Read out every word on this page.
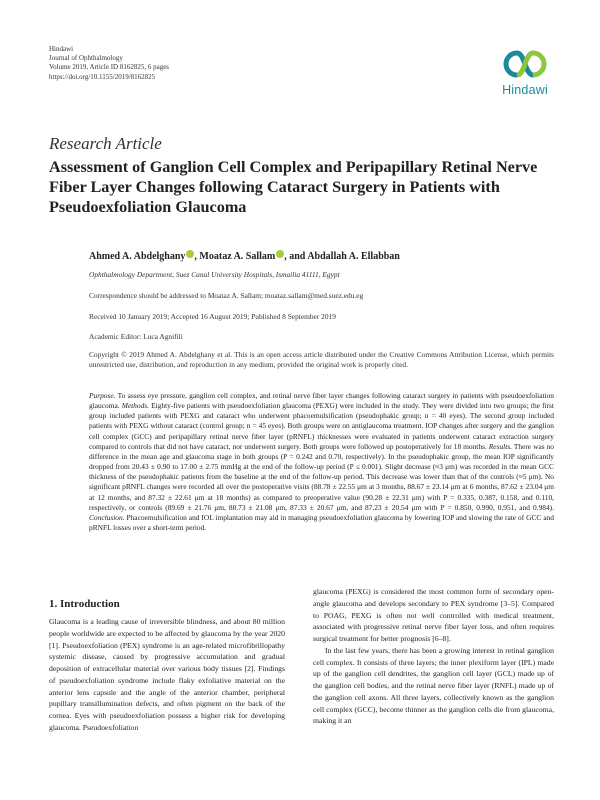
Hindawi
Journal of Ophthalmology
Volume 2019, Article ID 8162825, 6 pages
https://doi.org/10.1155/2019/8162825
Hindawi
Research Article
Assessment of Ganglion Cell Complex and Peripapillary Retinal Nerve Fiber Layer Changes following Cataract Surgery in Patients with Pseudoexfoliation Glaucoma
Ahmed A. Abdelghany , Moataz A. Sallam , and Abdallah A. Ellabban
Ophthalmology Department, Suez Canal University Hospitals, Ismailia 41111, Egypt
Correspondence should be addressed to Moataz A. Sallam; moataz.sallam@med.suez.edu.eg
Received 10 January 2019; Accepted 16 August 2019; Published 8 September 2019
Academic Editor: Luca Agnifili
Copyright © 2019 Ahmed A. Abdelghany et al. This is an open access article distributed under the Creative Commons Attribution License, which permits unrestricted use, distribution, and reproduction in any medium, provided the original work is properly cited.
Purpose. To assess eye pressure, ganglion cell complex, and retinal nerve fiber layer changes following cataract surgery in patients with pseudoexfoliation glaucoma. Methods. Eighty-five patients with pseudoexfoliation glaucoma (PEXG) were included in the study. They were divided into two groups; the first group included patients with PEXG and cataract who underwent phacoemulsification (pseudophakic group; n = 40 eyes). The second group included patients with PEXG without cataract (control group; n = 45 eyes). Both groups were on antiglaucoma treatment. IOP changes after surgery and the ganglion cell complex (GCC) and peripapillary retinal nerve fiber layer (pRNFL) thicknesses were evaluated in patients underwent cataract extraction surgery compared to controls that did not have cataract, nor underwent surgery. Both groups were followed up postoperatively for 18 months. Results. There was no difference in the mean age and glaucoma stage in both groups (P = 0.242 and 0.70, respectively). In the pseudophakic group, the mean IOP significantly dropped from 20.43 ± 0.90 to 17.00 ± 2.75 mmHg at the end of the follow-up period (P ≤ 0.001). Slight decrease (≈3 μm) was recorded in the mean GCC thickness of the pseudophakic patients from the baseline at the end of the follow-up period. This decrease was lower than that of the controls (≈5 μm). No significant pRNFL changes were recorded all over the postoperative visits (88.78 ± 22.55 μm at 3 months, 88.67 ± 23.14 μm at 6 months, 87.62 ± 23.04 μm at 12 months, and 87.32 ± 22.61 μm at 18 months) as compared to preoperative value (90.28 ± 22.31 μm) with P = 0.335, 0.387, 0.158, and 0.110, respectively, or controls (89.69 ± 21.76 μm, 88.73 ± 21.08 μm, 87.33 ± 20.67 μm, and 87.23 ± 20.54 μm with P = 0.850, 0.990, 0.951, and 0.984). Conclusion. Phacoemulsification and IOL implantation may aid in managing pseudoexfoliation glaucoma by lowering IOP and slowing the rate of GCC and pRNFL losses over a short-term period.
1. Introduction

Glaucoma is a leading cause of irreversible blindness, and about 80 million people worldwide are expected to be affected by glaucoma by the year 2020 [1]. Pseudoexfoliation (PEX) syndrome is an age-related microfibrillopathy systemic disease, caused by progressive accumulation and gradual deposition of extracellular material over various body tissues [2]. Findings of pseudoexfoliation syndrome include flaky exfoliative material on the anterior lens capsule and the angle of the anterior chamber, peripheral pupillary transillumination defects, and often pigment on the back of the cornea. Eyes with pseudoexfoliation possess a higher risk for developing glaucoma. Pseudoexfoliation

glaucoma (PEXG) is considered the most common form of secondary open-angle glaucoma and develops secondary to PEX syndrome [3–5]. Compared to POAG, PEXG is often not well controlled with medical treatment, associated with progressive retinal nerve fiber layer loss, and often requires surgical treatment for better prognosis [6–8].

In the last few years, there has been a growing interest in retinal ganglion cell complex. It consists of three layers; the inner plexiform layer (IPL) made up of the ganglion cell dendrites, the ganglion cell layer (GCL) made up of the ganglion cell bodies, and the retinal nerve fiber layer (RNFL) made up of the ganglion cell axons. All three layers, collectively known as the ganglion cell complex (GCC), become thinner as the ganglion cells die from glaucoma, making it an
